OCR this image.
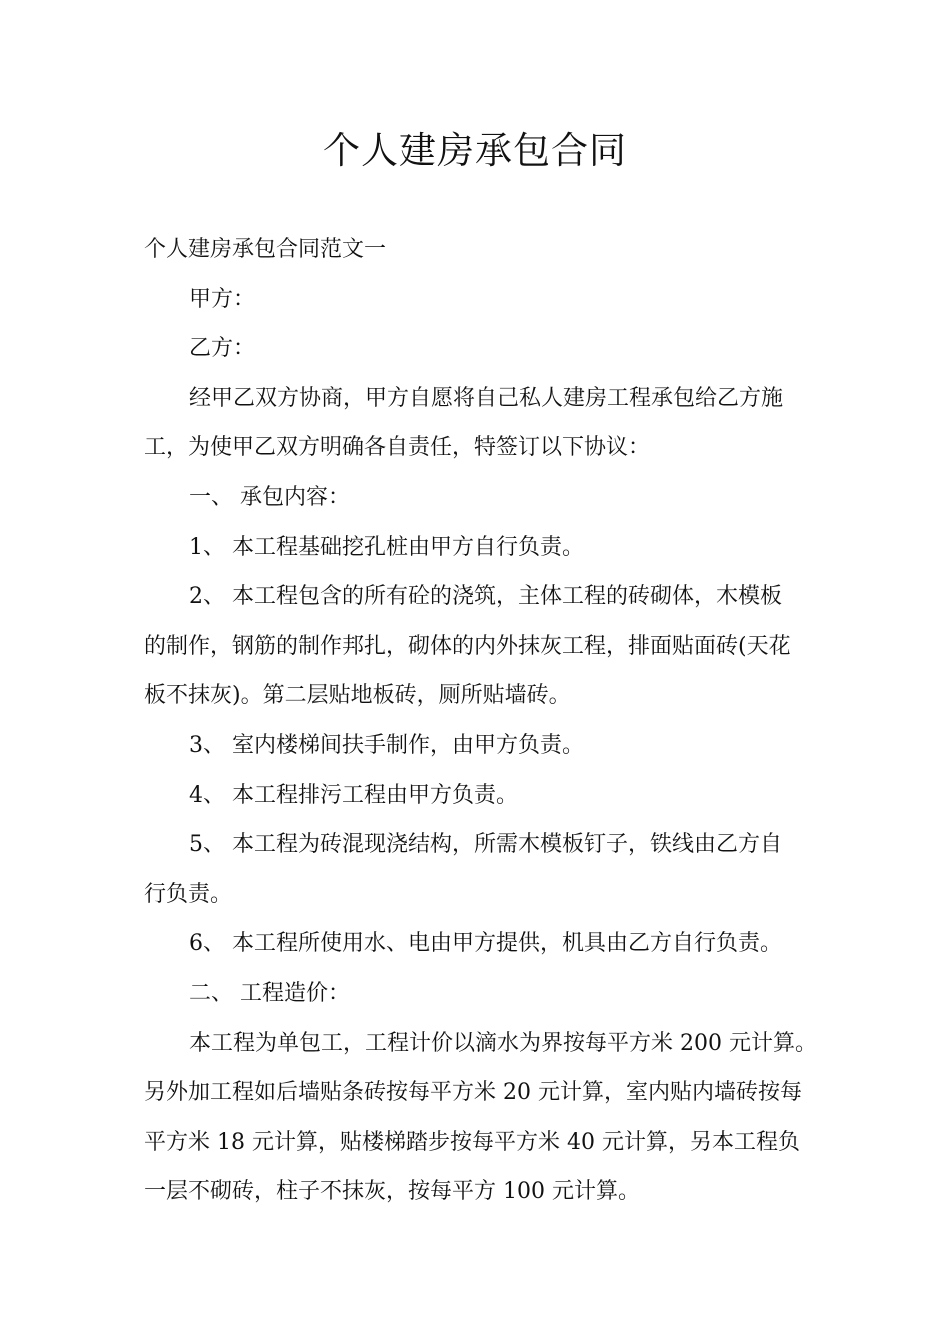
个人建房承包合同
个人建房承包合同范文一
甲方：
乙方：
经甲乙双方协商，甲方自愿将自己私人建房工程承包给乙方施
工，为使甲乙双方明确各自责任，特签订以下协议：
一、 承包内容：
1、 本工程基础挖孔桩由甲方自行负责。
2、 本工程包含的所有砼的浇筑，主体工程的砖砌体，木模板
的制作，钢筋的制作邦扎，砌体的内外抹灰工程，排面贴面砖(天花
板不抹灰)。第二层贴地板砖，厕所贴墙砖。
3、 室内楼梯间扶手制作，由甲方负责。
4、 本工程排污工程由甲方负责。
5、 本工程为砖混现浇结构，所需木模板钉子，铁线由乙方自
行负责。
6、 本工程所使用水、电由甲方提供，机具由乙方自行负责。
二、 工程造价：
本工程为单包工，工程计价以滴水为界按每平方米 200 元计算。
另外加工程如后墙贴条砖按每平方米 20 元计算，室内贴内墙砖按每
平方米 18 元计算，贴楼梯踏步按每平方米 40 元计算，另本工程负
一层不砌砖，柱子不抹灰，按每平方 100 元计算。
